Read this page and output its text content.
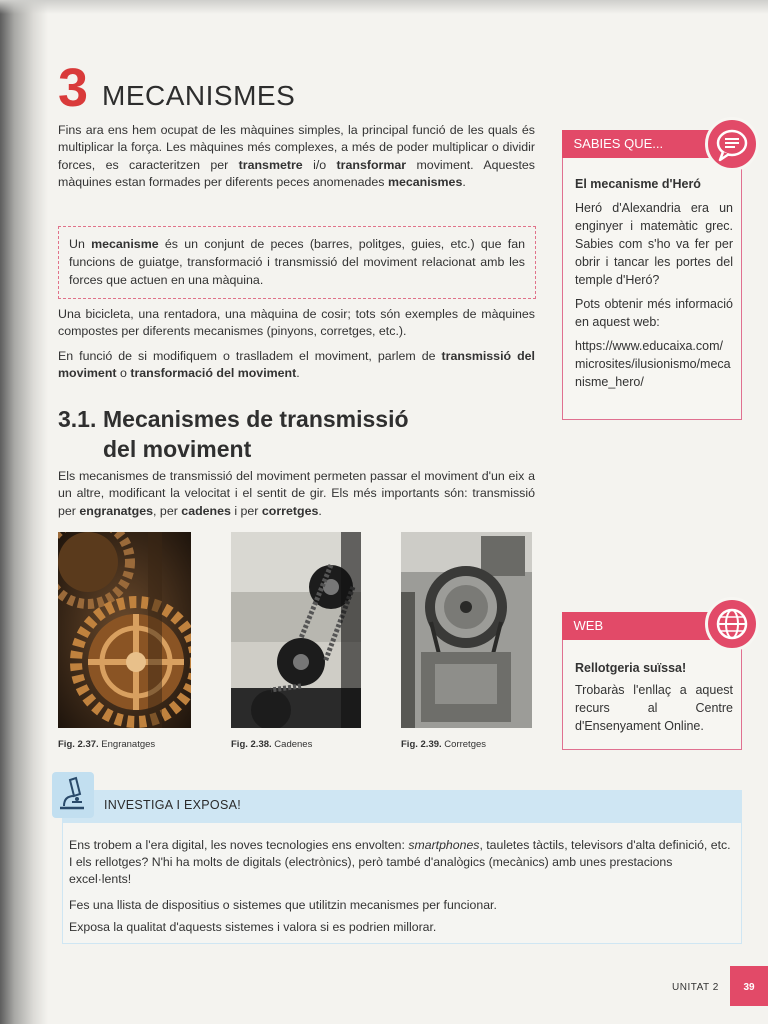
3 MECANISMES
Fins ara ens hem ocupat de les màquines simples, la principal funció de les quals és multiplicar la força. Les màquines més complexes, a més de poder multiplicar o dividir forces, es caracteritzen per transmetre i/o transformar moviment. Aquestes màquines estan formades per diferents peces anomenades mecanismes.
Un mecanisme és un conjunt de peces (barres, politges, guies, etc.) que fan funcions de guiatge, transformació i transmissió del moviment relacionat amb les forces que actuen en una màquina.
Una bicicleta, una rentadora, una màquina de cosir; tots són exemples de màquines compostes per diferents mecanismes (pinyons, corretges, etc.).
En funció de si modifiquem o traslladem el moviment, parlem de transmissió del moviment o transformació del moviment.
3.1. Mecanismes de transmissió del moviment
Els mecanismes de transmissió del moviment permeten passar el moviment d'un eix a un altre, modificant la velocitat i el sentit de gir. Els més importants són: transmissió per engranatges, per cadenes i per corretges.
Fig. 2.37. Engranatges	Fig. 2.38. Cadenes	Fig. 2.39. Corretges
SABIES QUE...
El mecanisme d'Heró
Heró d'Alexandria era un enginyer i matemàtic grec. Sabies com s'ho va fer per obrir i tancar les portes del temple d'Heró?
Pots obtenir més informació en aquest web:
https://www.educaixa.com/microsites/ilusionismo/mecanisme_hero/
WEB
Rellotgeria suïssa!
Trobaràs l'enllaç a aquest recurs al Centre d'Ensenyament Online.
INVESTIGA I EXPOSA!
Ens trobem a l'era digital, les noves tecnologies ens envolten: smartphones, tauletes tàctils, televisors d'alta definició, etc. I els rellotges? N'hi ha molts de digitals (electrònics), però també d'analògics (mecànics) amb unes prestacions excel·lents!
Fes una llista de dispositius o sistemes que utilitzin mecanismes per funcionar.
Exposa la qualitat d'aquests sistemes i valora si es podrien millorar.
UNITAT 2	39
